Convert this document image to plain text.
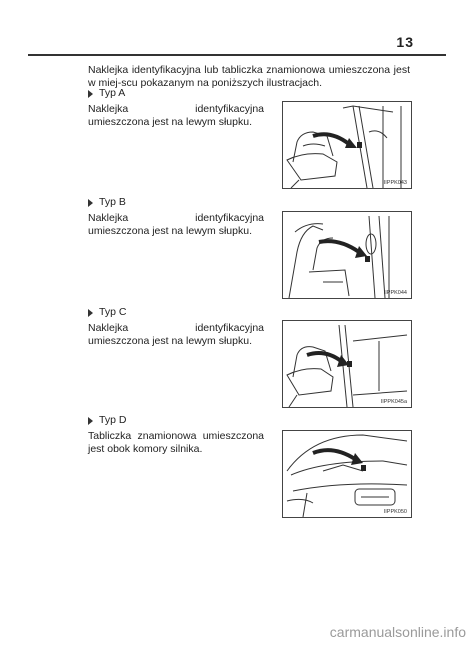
13
Naklejka identyfikacyjna lub tabliczka znamionowa umieszczona jest w miej-scu pokazanym na poniższych ilustracjach.
Typ A
Naklejka identyfikacyjna umieszczona jest na lewym słupku.
IIPPK043
Typ B
Naklejka identyfikacyjna umieszczona jest na lewym słupku.
IIPPK044
Typ C
Naklejka identyfikacyjna umieszczona jest na lewym słupku.
IIPPK045a
Typ D
Tabliczka znamionowa umieszczona jest obok komory silnika.
IIPPK050
carmanualsonline.info
